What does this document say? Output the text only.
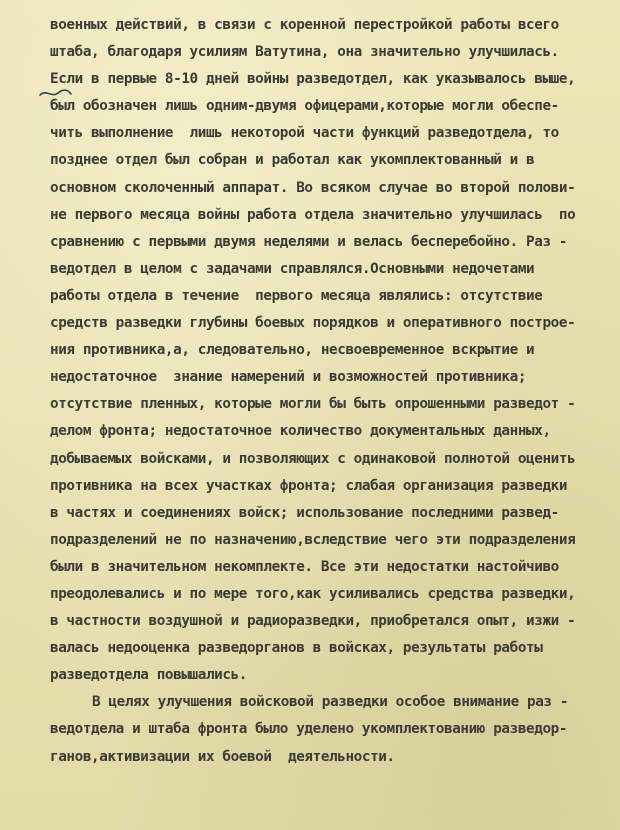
военных действий, в связи с коренной перестройкой работы всего
штаба, благодаря усилиям Ватутина, она значительно улучшилась.
Если в первые 8-10 дней войны разведотдел, как указывалось выше,
был обозначен лишь одним-двумя офицерами,которые могли обеспе-
чить выполнение  лишь некоторой части функций разведотдела, то
позднее отдел был собран и работал как укомплектованный и в
основном сколоченный аппарат. Во всяком случае во второй полови-
не первого месяца войны работа отдела значительно улучшилась  по
сравнению с первыми двумя неделями и велась бесперебойно. Раз -
ведотдел в целом с задачами справлялся.Основными недочетами
работы отдела в течение  первого месяца являлись: отсутствие
средств разведки глубины боевых порядков и оперативного построе-
ния противника,а, следовательно, несвоевременное вскрытие и
недостаточное  знание намерений и возможностей противника;
отсутствие пленных, которые могли бы быть опрошенными разведот -
делом фронта; недостаточное количество документальных данных,
добываемых войсками, и позволяющих с одинаковой полнотой оценить
противника на всех участках фронта; слабая организация разведки
в частях и соединениях войск; использование последними развед-
подразделений не по назначению,вследствие чего эти подразделения
были в значительном некомплекте. Все эти недостатки настойчиво
преодолевались и по мере того,как усиливались средства разведки,
в частности воздушной и радиоразведки, приобретался опыт, изжи -
валась недооценка разведорганов в войсках, результаты работы
разведотдела повышались.
В целях улучшения войсковой разведки особое внимание раз -
ведотдела и штаба фронта было уделено укомплектованию разведор-
ганов,активизации их боевой  деятельности.
